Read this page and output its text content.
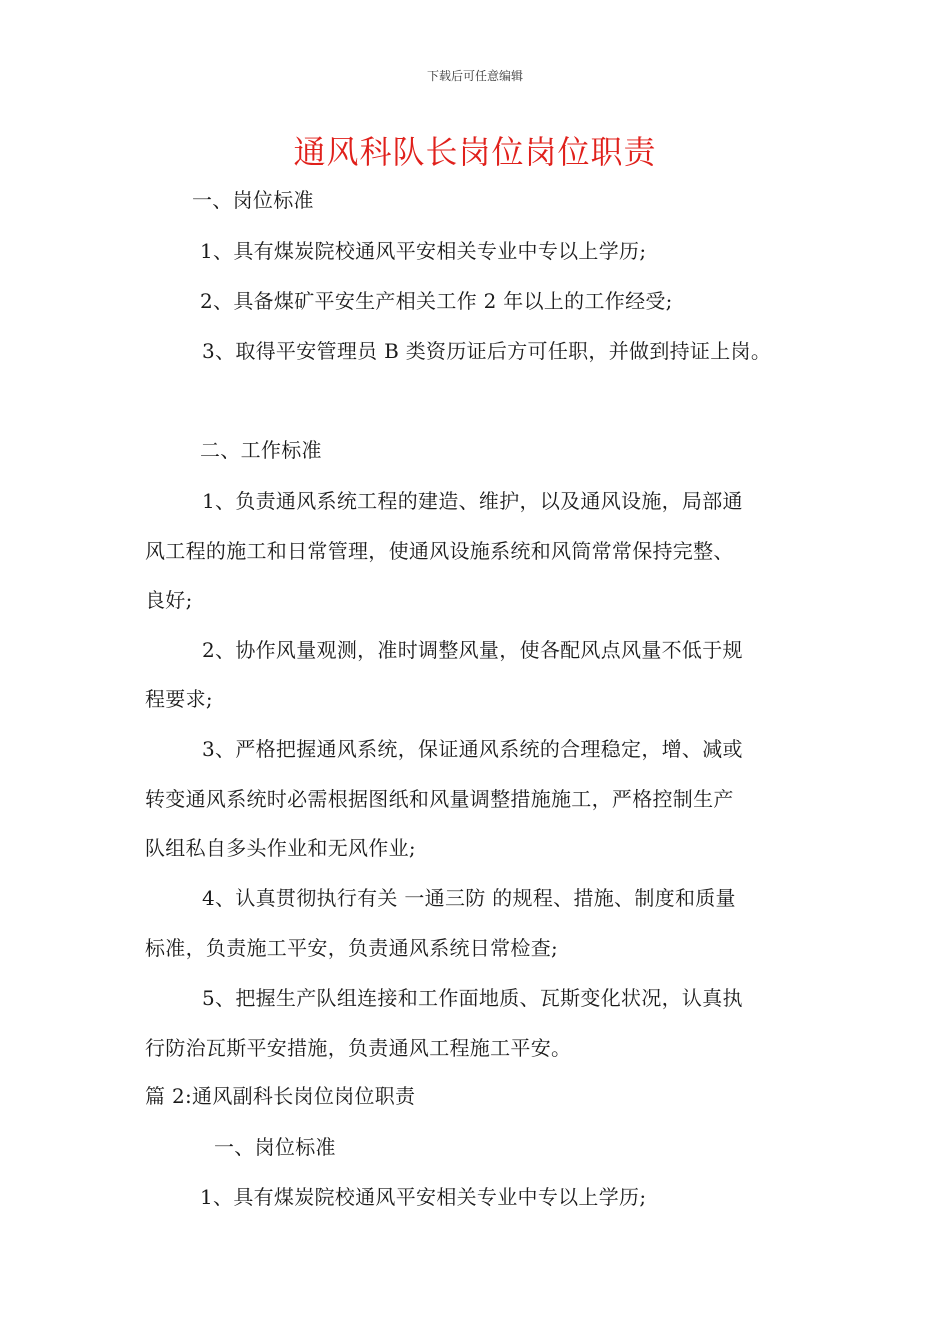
下载后可任意编辑
通风科队长岗位岗位职责
一、岗位标准
1、具有煤炭院校通风平安相关专业中专以上学历;
2、具备煤矿平安生产相关工作 2 年以上的工作经受;
3、取得平安管理员 B 类资历证后方可任职，并做到持证上岗。
二、工作标准
1、负责通风系统工程的建造、维护，以及通风设施，局部通
风工程的施工和日常管理，使通风设施系统和风筒常常保持完整、
良好;
2、协作风量观测，准时调整风量，使各配风点风量不低于规
程要求;
3、严格把握通风系统，保证通风系统的合理稳定，增、减或
转变通风系统时必需根据图纸和风量调整措施施工，严格控制生产
队组私自多头作业和无风作业;
4、认真贯彻执行有关 一通三防 的规程、措施、制度和质量
标准，负责施工平安，负责通风系统日常检查;
5、把握生产队组连接和工作面地质、瓦斯变化状况，认真执
行防治瓦斯平安措施，负责通风工程施工平安。
篇 2:通风副科长岗位岗位职责
一、岗位标准
1、具有煤炭院校通风平安相关专业中专以上学历;
